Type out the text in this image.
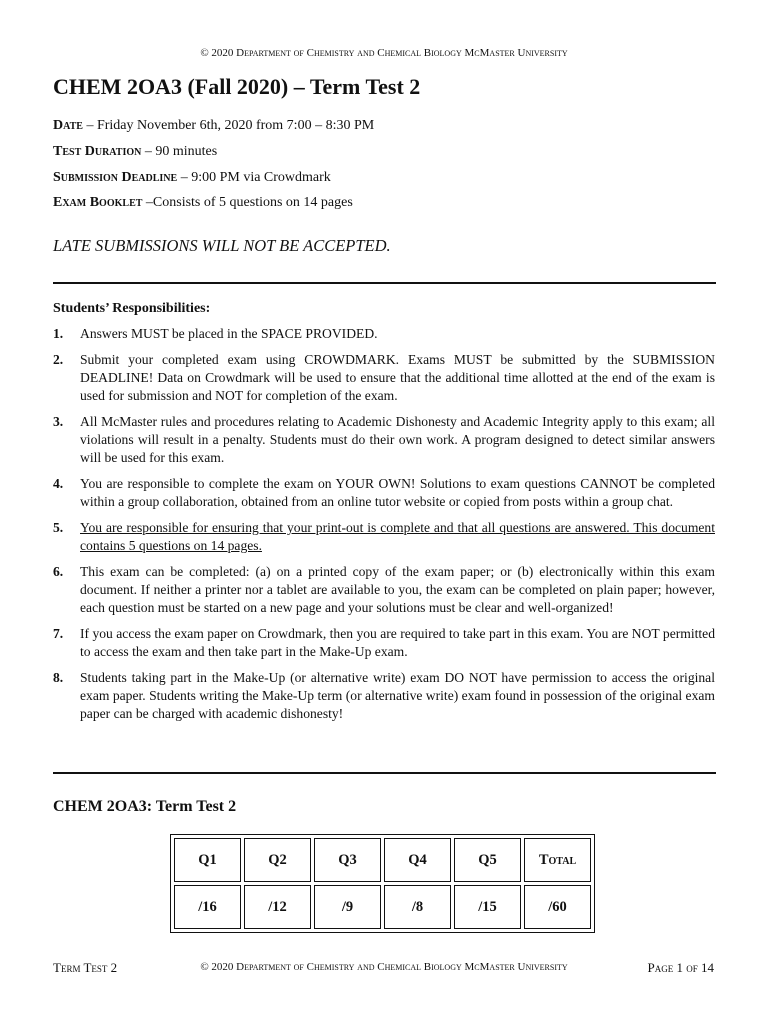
© 2020 Department of Chemistry and Chemical Biology McMaster University
CHEM 2OA3 (Fall 2020) – Term Test 2
Date – Friday November 6th, 2020 from 7:00 – 8:30 PM
Test Duration – 90 minutes
Submission Deadline – 9:00 PM via Crowdmark
Exam Booklet –Consists of 5 questions on 14 pages
LATE SUBMISSIONS WILL NOT BE ACCEPTED.
Students’ Responsibilities:
1. Answers MUST be placed in the SPACE PROVIDED.
2. Submit your completed exam using CROWDMARK. Exams MUST be submitted by the SUBMISSION DEADLINE! Data on Crowdmark will be used to ensure that the additional time allotted at the end of the exam is used for submission and NOT for completion of the exam.
3. All McMaster rules and procedures relating to Academic Dishonesty and Academic Integrity apply to this exam; all violations will result in a penalty. Students must do their own work. A program designed to detect similar answers will be used for this exam.
4. You are responsible to complete the exam on YOUR OWN! Solutions to exam questions CANNOT be completed within a group collaboration, obtained from an online tutor website or copied from posts within a group chat.
5. You are responsible for ensuring that your print-out is complete and that all questions are answered. This document contains 5 questions on 14 pages.
6. This exam can be completed: (a) on a printed copy of the exam paper; or (b) electronically within this exam document. If neither a printer nor a tablet are available to you, the exam can be completed on plain paper; however, each question must be started on a new page and your solutions must be clear and well-organized!
7. If you access the exam paper on Crowdmark, then you are required to take part in this exam. You are NOT permitted to access the exam and then take part in the Make-Up exam.
8. Students taking part in the Make-Up (or alternative write) exam DO NOT have permission to access the original exam paper. Students writing the Make-Up term (or alternative write) exam found in possession of the original exam paper can be charged with academic dishonesty!
CHEM 2OA3: Term Test 2
Q1	Q2	Q3	Q4	Q5	Total
/16	/12	/9	/8	/15	/60
Term Test 2	© 2020 Department of Chemistry and Chemical Biology McMaster University	Page 1 of 14
